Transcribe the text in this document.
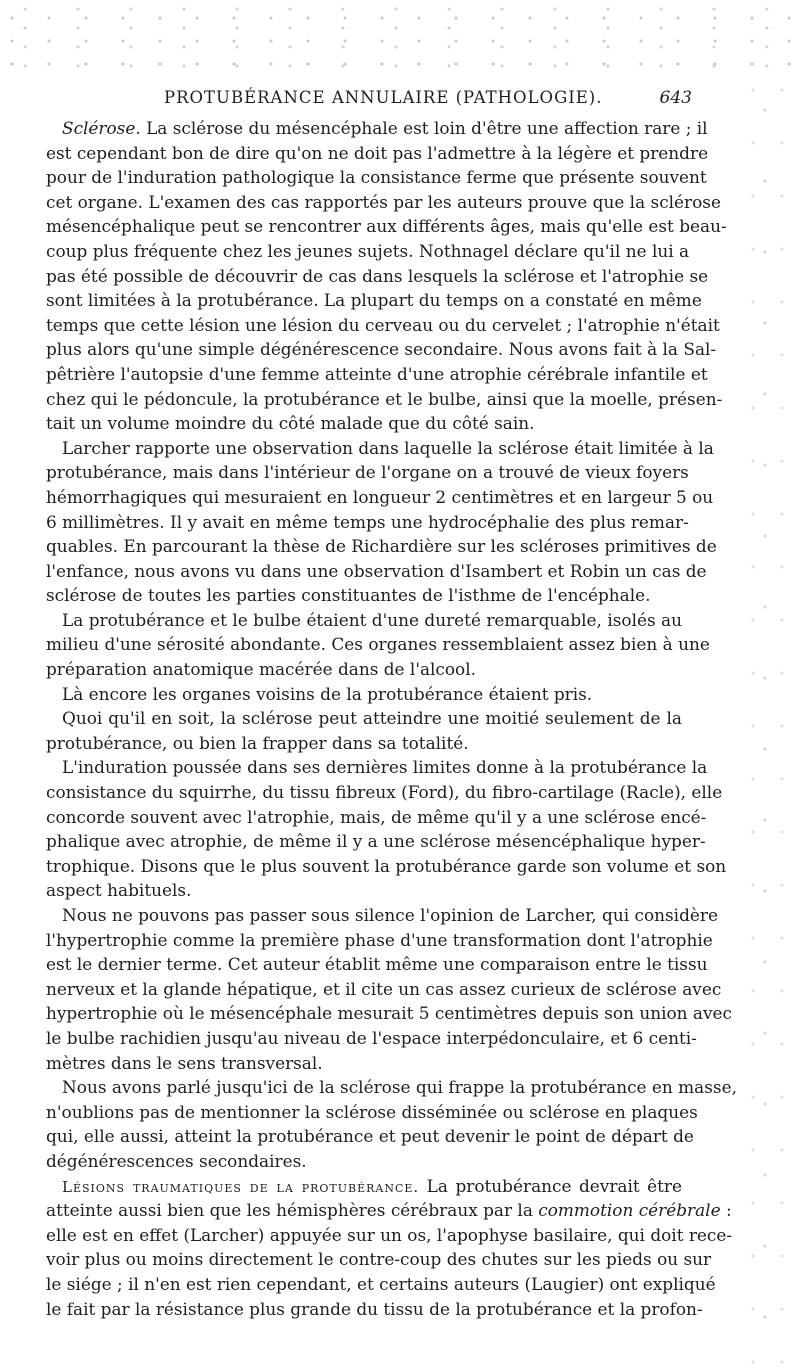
PROTUBÉRANCE ANNULAIRE (PATHOLOGIE).	643
Sclérose. La sclérose du mésencéphale est loin d'être une affection rare ; il
est cependant bon de dire qu'on ne doit pas l'admettre à la légère et prendre
pour de l'induration pathologique la consistance ferme que présente souvent
cet organe. L'examen des cas rapportés par les auteurs prouve que la sclérose
mésencéphalique peut se rencontrer aux différents âges, mais qu'elle est beau-
coup plus fréquente chez les jeunes sujets. Nothnagel déclare qu'il ne lui a
pas été possible de découvrir de cas dans lesquels la sclérose et l'atrophie se
sont limitées à la protubérance. La plupart du temps on a constaté en même
temps que cette lésion une lésion du cerveau ou du cervelet ; l'atrophie n'était
plus alors qu'une simple dégénérescence secondaire. Nous avons fait à la Sal-
pêtrière l'autopsie d'une femme atteinte d'une atrophie cérébrale infantile et
chez qui le pédoncule, la protubérance et le bulbe, ainsi que la moelle, présen-
tait un volume moindre du côté malade que du côté sain.
Larcher rapporte une observation dans laquelle la sclérose était limitée à la
protubérance, mais dans l'intérieur de l'organe on a trouvé de vieux foyers
hémorrhagiques qui mesuraient en longueur 2 centimètres et en largeur 5 ou
6 millimètres. Il y avait en même temps une hydrocéphalie des plus remar-
quables. En parcourant la thèse de Richardière sur les scléroses primitives de
l'enfance, nous avons vu dans une observation d'Isambert et Robin un cas de
sclérose de toutes les parties constituantes de l'isthme de l'encéphale.
La protubérance et le bulbe étaient d'une dureté remarquable, isolés au
milieu d'une sérosité abondante. Ces organes ressemblaient assez bien à une
préparation anatomique macérée dans de l'alcool.
Là encore les organes voisins de la protubérance étaient pris.
Quoi qu'il en soit, la sclérose peut atteindre une moitié seulement de la
protubérance, ou bien la frapper dans sa totalité.
L'induration poussée dans ses dernières limites donne à la protubérance la
consistance du squirrhe, du tissu fibreux (Ford), du fibro-cartilage (Racle), elle
concorde souvent avec l'atrophie, mais, de même qu'il y a une sclérose encé-
phalique avec atrophie, de même il y a une sclérose mésencéphalique hyper-
trophique. Disons que le plus souvent la protubérance garde son volume et son
aspect habituels.
Nous ne pouvons pas passer sous silence l'opinion de Larcher, qui considère
l'hypertrophie comme la première phase d'une transformation dont l'atrophie
est le dernier terme. Cet auteur établit même une comparaison entre le tissu
nerveux et la glande hépatique, et il cite un cas assez curieux de sclérose avec
hypertrophie où le mésencéphale mesurait 5 centimètres depuis son union avec
le bulbe rachidien jusqu'au niveau de l'espace interpédonculaire, et 6 centi-
mètres dans le sens transversal.
Nous avons parlé jusqu'ici de la sclérose qui frappe la protubérance en masse,
n'oublions pas de mentionner la sclérose disséminée ou sclérose en plaques
qui, elle aussi, atteint la protubérance et peut devenir le point de départ de
dégénérescences secondaires.
Lésions traumatiques de la protubérance. La protubérance devrait être
atteinte aussi bien que les hémisphères cérébraux par la commotion cérébrale :
elle est en effet (Larcher) appuyée sur un os, l'apophyse basilaire, qui doit rece-
voir plus ou moins directement le contre-coup des chutes sur les pieds ou sur
le siége ; il n'en est rien cependant, et certains auteurs (Laugier) ont expliqué
le fait par la résistance plus grande du tissu de la protubérance et la profon-
